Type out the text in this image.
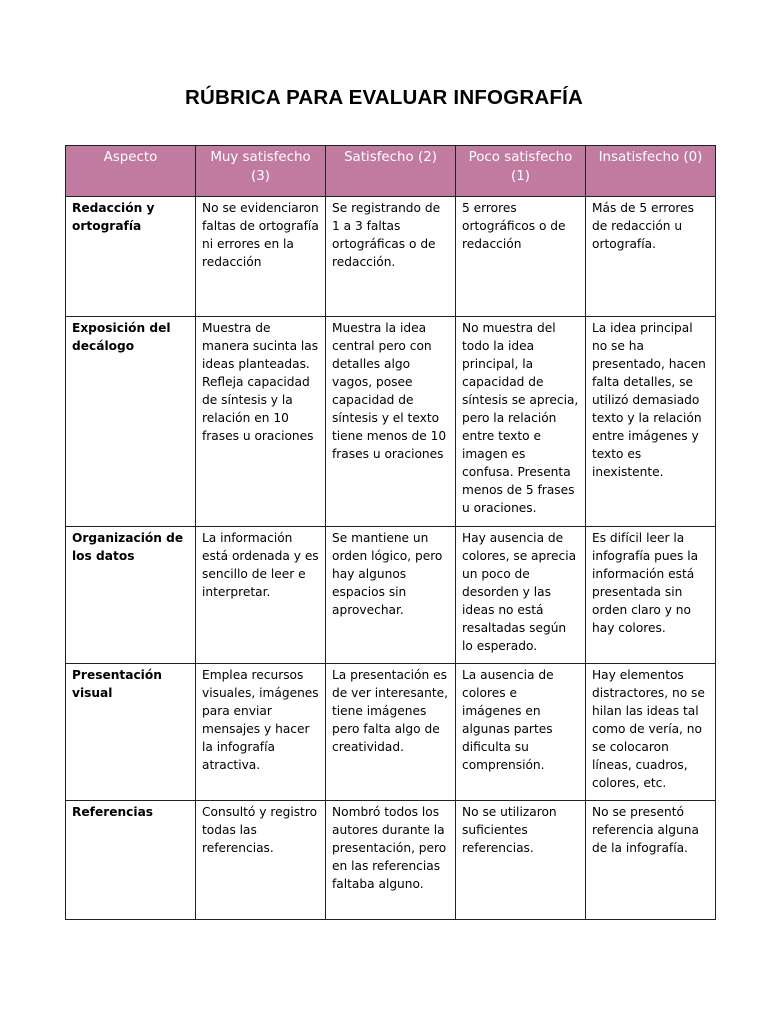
RÚBRICA PARA EVALUAR INFOGRAFÍA
Aspecto	Muy satisfecho (3)	Satisfecho (2)	Poco satisfecho (1)	Insatisfecho (0)
Redacción y ortografía	No se evidenciaron faltas de ortografía ni errores en la redacción	Se registrando de 1 a 3 faltas ortográficas o de redacción.	5 errores ortográficos o de redacción	Más de 5 errores de redacción u ortografía.
Exposición del decálogo	Muestra de manera sucinta las ideas planteadas. Refleja capacidad de síntesis y la relación en 10 frases u oraciones	Muestra la idea central pero con detalles algo vagos, posee capacidad de síntesis y el texto tiene menos de 10 frases u oraciones	No muestra del todo la idea principal, la capacidad de síntesis se aprecia, pero la relación entre texto e imagen es confusa. Presenta menos de 5 frases u oraciones.	La idea principal no se ha presentado, hacen falta detalles, se utilizó demasiado texto y la relación entre imágenes y texto es inexistente.
Organización de los datos	La información está ordenada y es sencillo de leer e interpretar.	Se mantiene un orden lógico, pero hay algunos espacios sin aprovechar.	Hay ausencia de colores, se aprecia un poco de desorden y las ideas no está resaltadas según lo esperado.	Es difícil leer la infografía pues la información está presentada sin orden claro y no hay colores.
Presentación visual	Emplea recursos visuales, imágenes para enviar mensajes y hacer la infografía atractiva.	La presentación es de ver interesante, tiene imágenes pero falta algo de creatividad.	La ausencia de colores e imágenes en algunas partes dificulta su comprensión.	Hay elementos distractores, no se hilan las ideas tal como de vería, no se colocaron líneas, cuadros, colores, etc.
Referencias	Consultó y registro todas las referencias.	Nombró todos los autores durante la presentación, pero en las referencias faltaba alguno.	No se utilizaron suficientes referencias.	No se presentó referencia alguna de la infografía.
